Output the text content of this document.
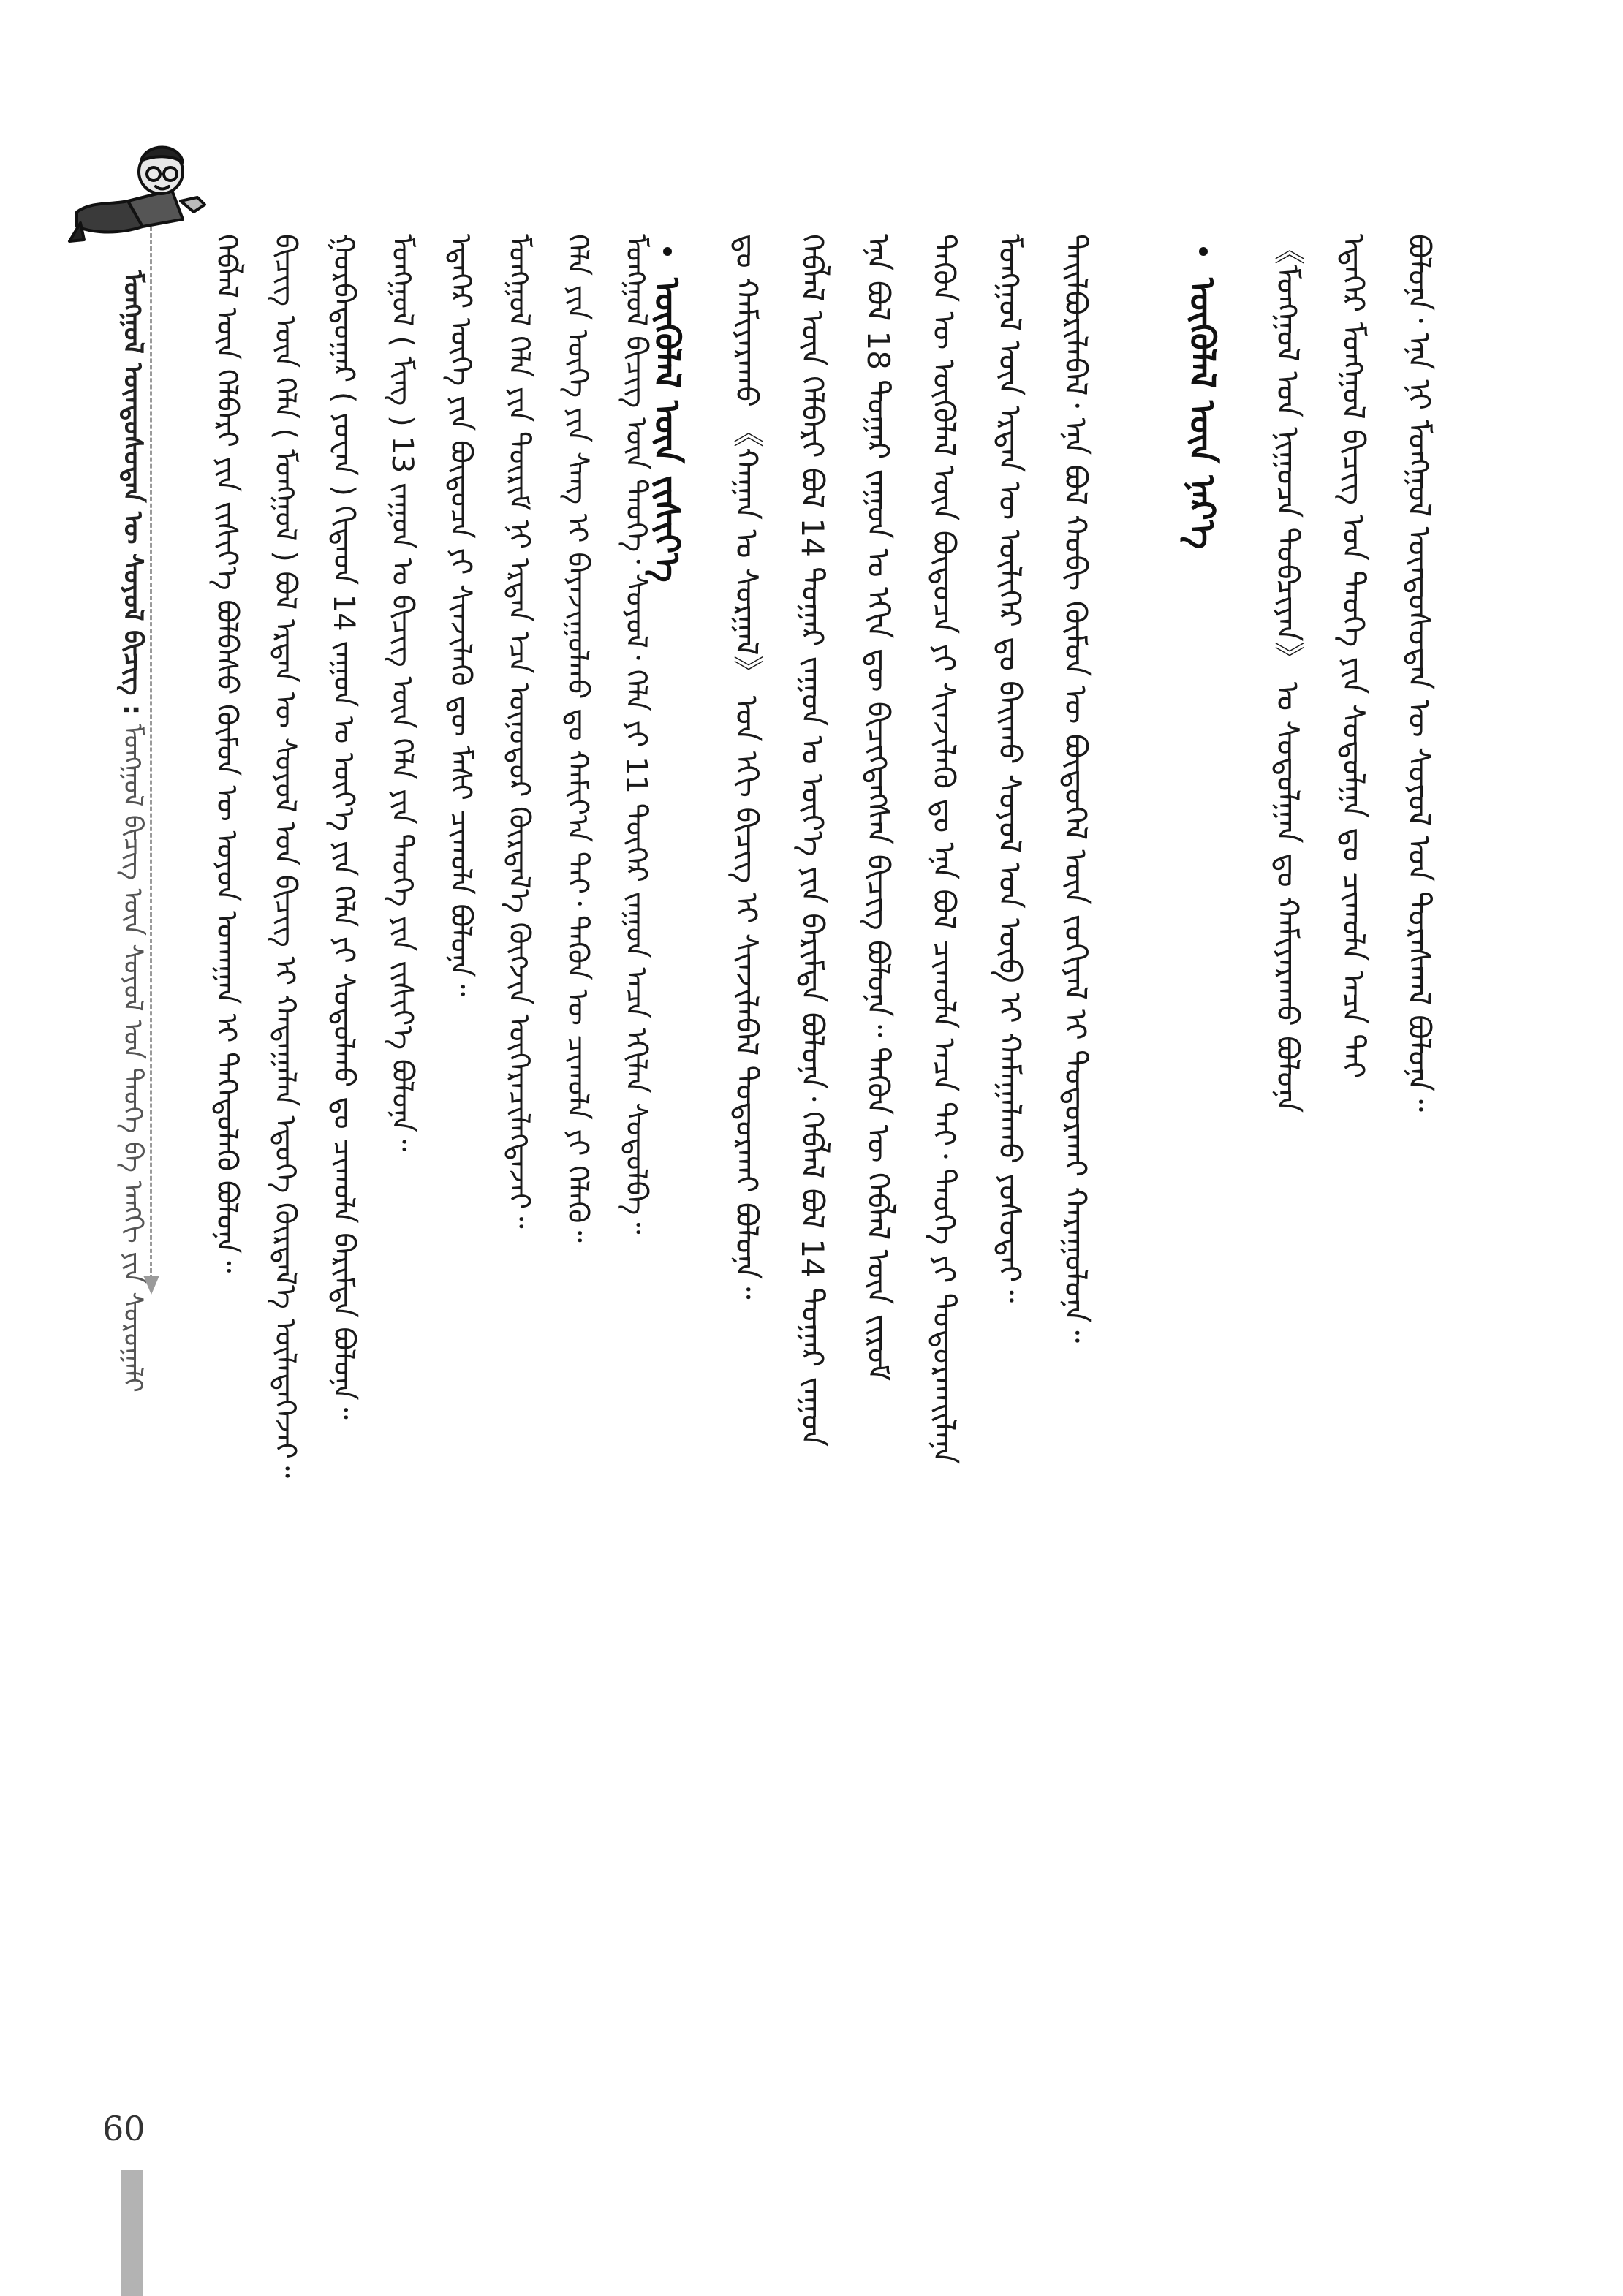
ᠮᠣᠩᠭᠣᠯ ᠦᠨᠳᠦᠰᠦᠲᠡᠨ ᠦ ᠰᠣᠶᠣᠯ ᠪᠢᠴᠢᠭ᠌ : ᠮᠣᠩᠭᠣᠯ ᠪᠢᠴᠢᠭ᠌ ᠦᠨ ᠰᠣᠶᠣᠯ ᠤᠨ ᠲᠡᠦᠬᠡ ᠪᠠ ᠠᠩᠭᠢ ᠶᠢᠨ ᠰᠤᠷᠤᠭᠠᠯᠢ ᠬᠡᠪᠯᠡᠯ ᠦᠨ ᠬᠡᠯᠪᠡᠷᠢ ᠶᠢᠨ ᠵᠢᠱᠢᠶ᠎ᠡ ᠪᠣᠯᠪᠠᠰᠤ ᠬᠦᠮᠦᠨ ᠦ ᠤᠶᠤᠨ ᠤᠬᠠᠭᠠᠨ ᠢ ᠳᠡᠭᠡᠳᠦᠯᠡᠬᠦ ᠪᠣᠯᠤᠨᠠ᠃ ᠪᠢᠴᠢᠭ᠌ ᠦᠨ ᠬᠡᠯᠡ ( ᠮᠣᠩᠭᠣᠯ ) ᠪᠣᠯ ᠡᠷᠲᠡᠨ ᠦ ᠰᠣᠶᠣᠯ ᠤᠨ ᠪᠢᠴᠢᠭ᠌ ᠢ ᠬᠠᠳᠠᠭᠠᠯᠠᠨ ᠡᠳᠦᠭᠡ ᠬᠦᠷᠲᠡᠯ᠎ᠡ ᠦᠯᠡᠳᠡᠭᠡᠵᠡᠢ᠃ ᠭᠤᠷᠪᠠᠳᠤᠭᠠᠷ ( ᠶᠤᠸᠠᠨ ) ᠬᠢᠲᠠᠳ 14 ᠵᠠᠭᠤᠨ ᠤ ᠦᠶ᠎ᠡ ᠶᠢᠨ ᠬᠡᠯᠡ ᠶᠢ ᠰᠤᠳᠤᠯᠬᠤ ᠳᠤ ᠴᠢᠬᠤᠯᠠ ᠪᠠᠷᠢᠮᠲᠠ ᠪᠣᠯᠤᠨᠠ᠃ ᠮᠣᠩᠭᠣᠯ ( ᠮᠢᠩ ) 13 ᠵᠠᠭᠤᠨ ᠤ ᠪᠢᠴᠢᠭ᠌ ᠦᠨ ᠬᠡᠯᠡ ᠶᠢᠨ ᠲᠡᠦᠬᠡ ᠶᠢᠨ ᠵᠢᠱᠢᠶ᠎ᠡ ᠪᠣᠯᠤᠨᠠ᠃ ᠡᠳᠡᠭᠡᠷ ᠦᠭᠡ ᠶᠢᠨ ᠪᠦᠲᠦᠴᠡ ᠶᠢ ᠰᠢᠨᠵᠢᠯᠡᠬᠦ ᠳᠦ ᠮᠠᠰᠢ ᠴᠢᠬᠤᠯᠠ ᠪᠣᠯᠤᠨᠠ᠃ ᠮᠣᠩᠭᠣᠯ ᠬᠡᠯᠡ ᠶᠢᠨ ᠳᠦᠷᠢᠮ ᠨᠢ ᠡᠷᠲᠡᠨ ᠡᠴᠡ ᠥᠨᠥᠳᠥᠷ ᠬᠦᠷᠲᠡᠯ᠎ᠡ ᠬᠥᠭᠵᠢᠨ ᠥᠭᠡᠷᠡᠴᠢᠯᠡᠭᠳᠡᠵᠡᠢ᠃ ᠬᠡᠯᠡ ᠶᠢᠨ ᠦᠭᠡ ᠶᠢᠨ ᠰᠠᠩ ᠢ ᠪᠠᠶᠠᠵᠢᠭᠤᠯᠬᠤ ᠳᠤ ᠬᠠᠮᠢᠶ᠎ᠠ ᠲᠠᠢ᠂ ᠲᠡᠭᠦᠨ ᠦ ᠴᠢᠬᠤᠯᠠ ᠶᠢ ᠬᠡᠯᠡᠬᠦ᠃ ᠮᠣᠩᠭᠣᠯ ᠪᠢᠴᠢᠭ᠌ ᠦᠨ ᠲᠡᠦᠬᠡ᠂ ᠰᠣᠶᠣᠯ᠂ ᠬᠡᠯᠡ ᠶᠢ 11 ᠳᠦᠭᠡᠷ ᠵᠠᠭᠤᠨ ᠠᠴᠠ ᠡᠬᠢᠯᠡᠨ ᠰᠤᠳᠤᠯᠪᠠ᠃
ᠦᠭᠦᠯᠡᠯ ᠦᠨ ᠵᠢᠱᠢᠶ᠎ᠡ ᠳᠤ ᠬᠠᠮᠢᠶᠠᠷᠠᠬᠤ 《ᠬᠠᠭᠠᠨ ᠤ ᠰᠤᠷᠭᠠᠯ》 ᠤᠨ ᠡᠬᠢ ᠪᠢᠴᠢᠭ᠌ ᠢ ᠰᠢᠨᠵᠢᠯᠡᠪᠡᠯ ᠲᠣᠳᠣᠷᠬᠠᠢ ᠪᠣᠯᠤᠨᠠ᠃ ᠬᠡᠪᠯᠡᠯ ᠦᠨ ᠬᠡᠯᠪᠡᠷᠢ ᠪᠣᠯ 14 ᠳᠤᠭᠠᠷ ᠵᠠᠭᠤᠨ ᠤ ᠦᠶ᠎ᠡ ᠶᠢᠨ ᠪᠠᠷᠢᠮᠲᠠ ᠪᠣᠯᠤᠨᠠ᠂ ᠬᠡᠪᠯᠡᠯ ᠪᠣᠯ 14 ᠳᠤᠭᠠᠷ ᠵᠠᠭᠤᠨ ᠡᠨᠡ ᠪᠣᠯ 18 ᠳᠤᠭᠠᠷ ᠵᠠᠭᠤᠨ ᠤ ᠡᠬᠢᠨ ᠳᠦ ᠪᠢᠴᠢᠭᠳᠡᠭᠰᠡᠨ ᠪᠢᠴᠢᠭ᠌ ᠪᠣᠯᠤᠨᠠ᠃ ᠲᠡᠭᠦᠨ ᠦ ᠬᠡᠪᠯᠡᠯ ᠦᠨ ᠵᠢᠷᠤᠮ ᠲᠡᠭᠦᠨ ᠦ ᠦᠭᠦᠯᠡᠯ ᠦᠨ ᠪᠦᠲᠦᠴᠡ ᠶᠢ ᠰᠢᠨᠵᠢᠯᠡᠬᠦ ᠳᠤ ᠡᠨᠡ ᠪᠣᠯ ᠴᠢᠬᠤᠯᠠ ᠠᠴᠠ ᠲᠠᠢ᠂ ᠲᠡᠦᠬᠡ ᠶᠢ ᠲᠣᠳᠣᠷᠬᠠᠢᠯᠠᠨᠠ ᠮᠣᠩᠭᠣᠯ ᠦᠨ ᠡᠷᠲᠡᠨ ᠦ ᠦᠯᠢᠭᠡᠷ ᠳᠤ ᠪᠠᠢᠬᠤ ᠰᠣᠶᠣᠯ ᠤᠨ ᠦᠪ ᠢ ᠬᠠᠮᠠᠭᠠᠯᠠᠬᠤ ᠶᠤᠰᠤᠲᠠᠢ᠃ ᠲᠠᠢᠯᠪᠤᠷᠢᠯᠠᠪᠠᠯ᠂ ᠡᠨᠡ ᠪᠣᠯ ᠬᠤᠪᠢ ᠬᠦᠮᠦᠨ ᠦ ᠪᠦᠲᠦᠭᠡᠯ ᠦᠨ ᠵᠣᠬᠢᠶᠠᠯ ᠢ ᠲᠣᠳᠣᠷᠬᠠᠢ ᠬᠠᠷᠠᠭᠤᠯᠤᠨᠠ᠃	ᠦᠭᠦᠯᠡᠯ ᠦᠨ ᠨᠡᠷ᠎ᠡ 《ᠮᠣᠩᠭᠣᠯ ᠤᠨ ᠨᠢᠭᠤᠴᠠ ᠲᠣᠪᠴᠢᠶᠠᠨ》 ᠤ ᠰᠤᠳᠤᠯᠭᠠᠨ ᠳᠤ ᠬᠠᠮᠢᠶᠠᠷᠠᠬᠤ ᠪᠣᠯᠤᠨᠠ ᠡᠳᠡᠭᠡᠷ ᠮᠣᠩᠭᠣᠯ ᠪᠢᠴᠢᠭ᠌ ᠤᠨ ᠲᠡᠦᠬᠡ ᠶᠢᠨ ᠰᠤᠳᠤᠯᠭᠠ ᠳᠤ ᠴᠢᠬᠤᠯᠠ ᠠᠴᠠ ᠲᠠᠢ ᠪᠣᠯᠤᠨᠠ᠂ ᠡᠨᠡ ᠨᠢ ᠮᠣᠩᠭᠣᠯ ᠦᠨᠳᠦᠰᠦᠲᠡᠨ ᠦ ᠰᠣᠶᠣᠯ ᠤᠨ ᠳᠤᠷᠠᠰᠬᠠᠯ ᠪᠣᠯᠤᠨᠠ᠃
60
